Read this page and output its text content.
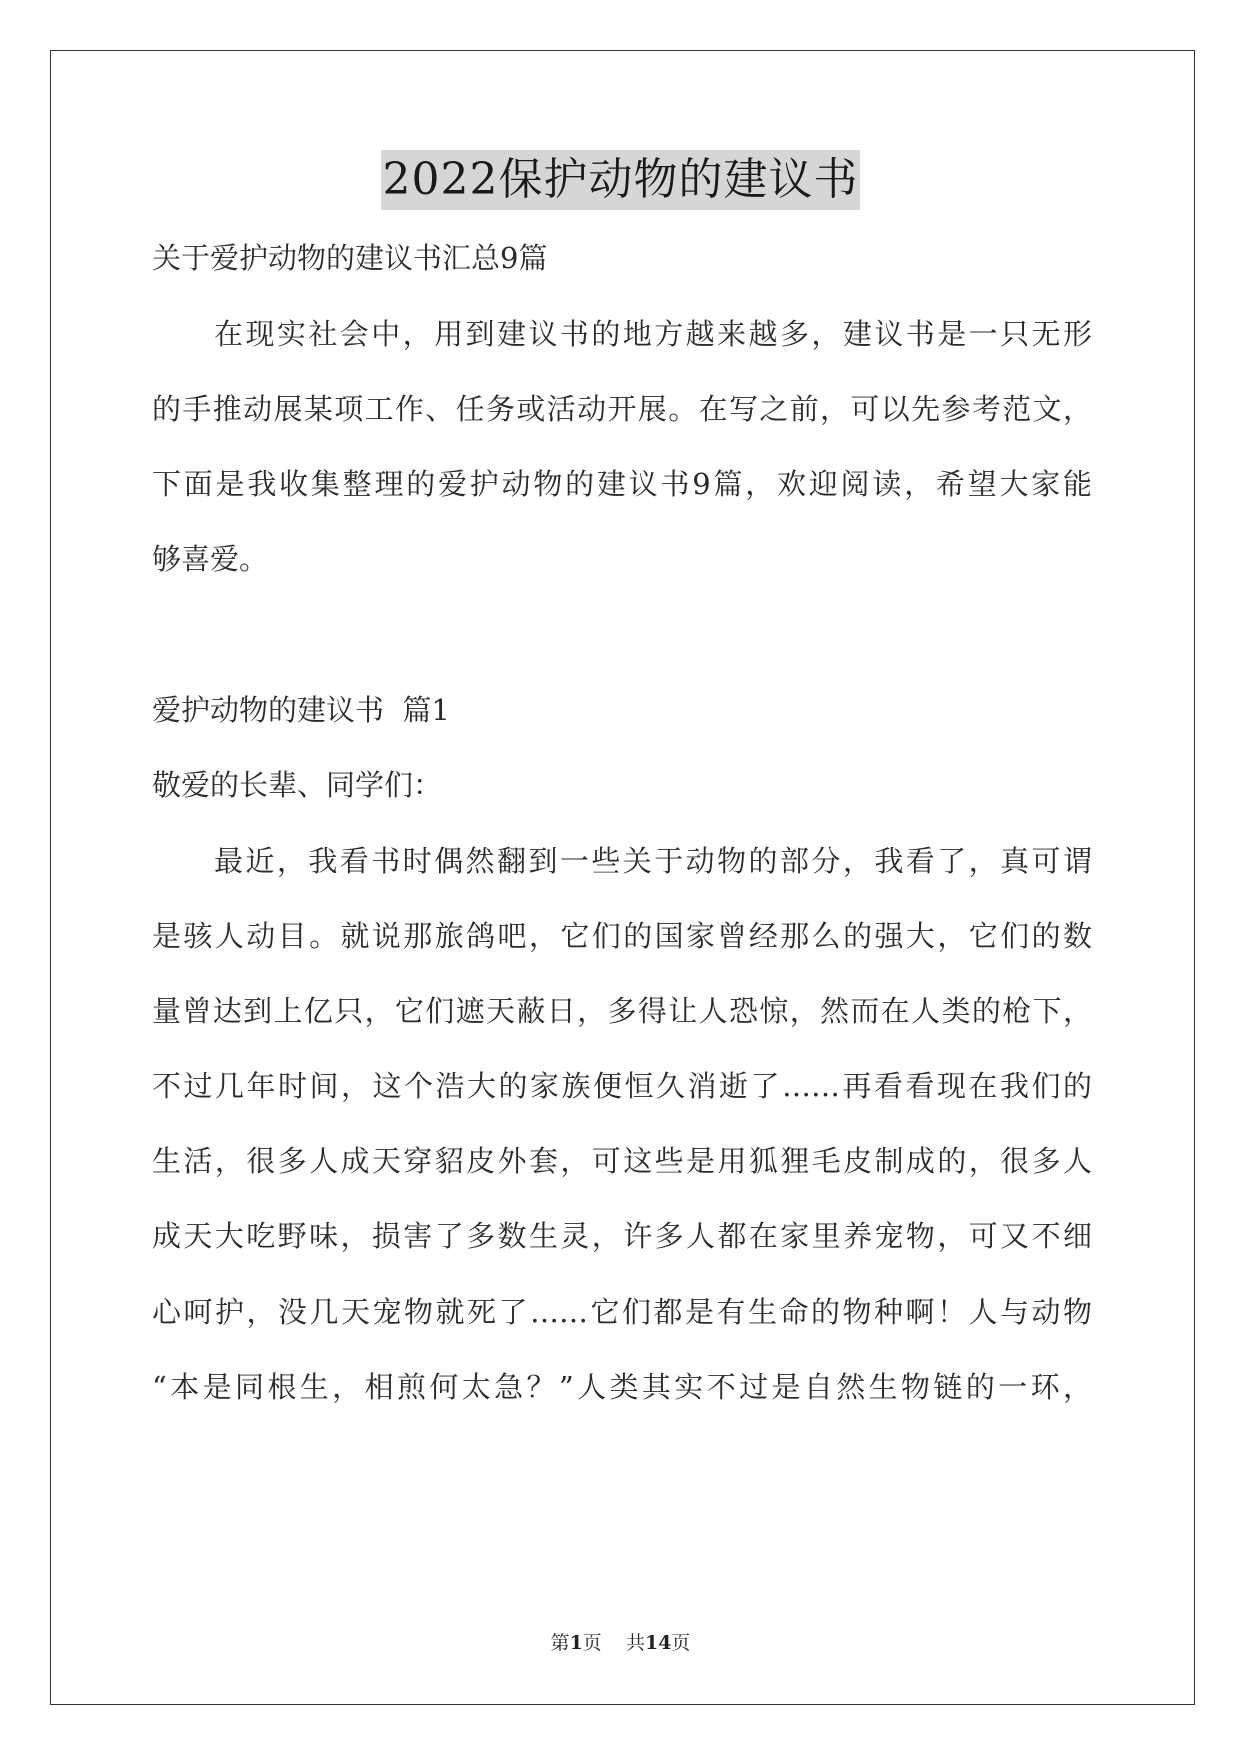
2022保护动物的建议书
关于爱护动物的建议书汇总9篇
在现实社会中，用到建议书的地方越来越多，建议书是一只无形
的手推动展某项工作、任务或活动开展。在写之前，可以先参考范文，
下面是我收集整理的爱护动物的建议书9篇，欢迎阅读，希望大家能
够喜爱。
爱护动物的建议书  篇1
敬爱的长辈、同学们：
最近，我看书时偶然翻到一些关于动物的部分，我看了，真可谓
是骇人动目。就说那旅鸽吧，它们的国家曾经那么的强大，它们的数
量曾达到上亿只，它们遮天蔽日，多得让人恐惊，然而在人类的枪下，
不过几年时间，这个浩大的家族便恒久消逝了……再看看现在我们的
生活，很多人成天穿貂皮外套，可这些是用狐狸毛皮制成的，很多人
成天大吃野味，损害了多数生灵，许多人都在家里养宠物，可又不细
心呵护，没几天宠物就死了……它们都是有生命的物种啊！人与动物
“本是同根生，相煎何太急？”人类其实不过是自然生物链的一环，
第1页    共14页
